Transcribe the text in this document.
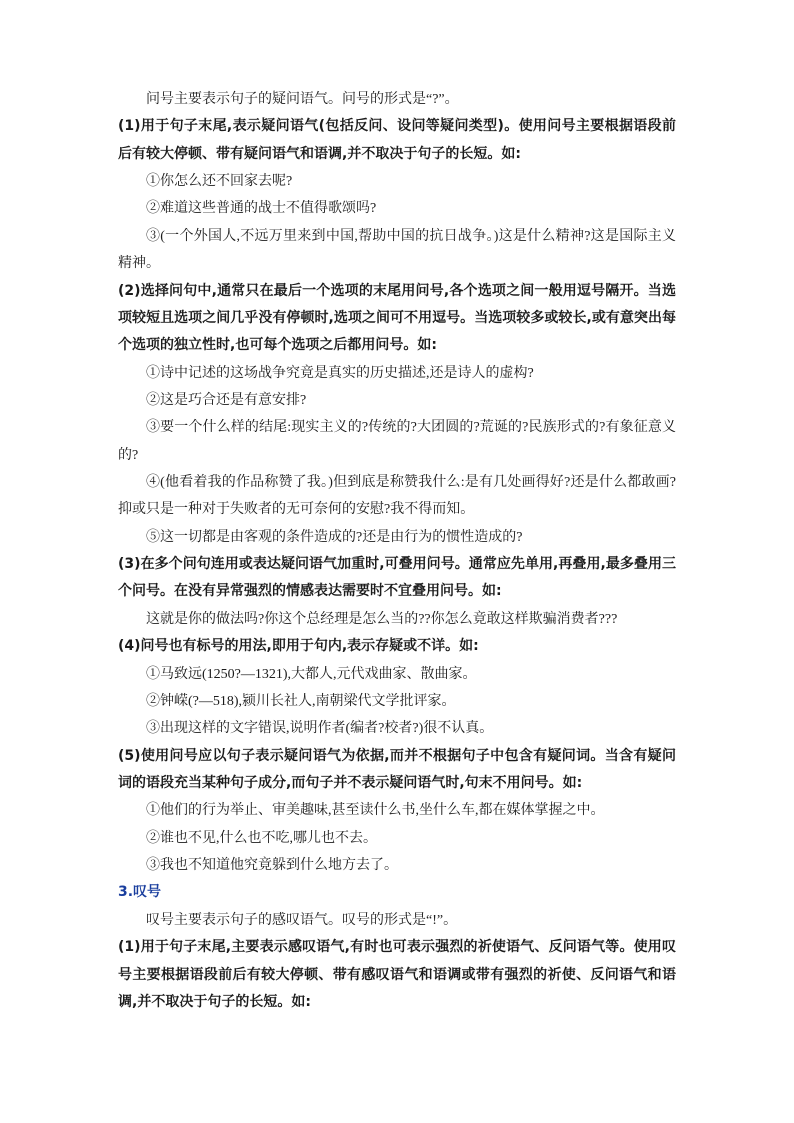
问号主要表示句子的疑问语气。问号的形式是“?”。

(1)用于句子末尾,表示疑问语气(包括反问、设问等疑问类型)。使用问号主要根据语段前后有较大停顿、带有疑问语气和语调,并不取决于句子的长短。如:

①你怎么还不回家去呢?

②难道这些普通的战士不值得歌颂吗?

③(一个外国人,不远万里来到中国,帮助中国的抗日战争。)这是什么精神?这是国际主义精神。

(2)选择问句中,通常只在最后一个选项的末尾用问号,各个选项之间一般用逗号隔开。当选项较短且选项之间几乎没有停顿时,选项之间可不用逗号。当选项较多或较长,或有意突出每个选项的独立性时,也可每个选项之后都用问号。如:

①诗中记述的这场战争究竟是真实的历史描述,还是诗人的虚构?

②这是巧合还是有意安排?

③要一个什么样的结尾:现实主义的?传统的?大团圆的?荒诞的?民族形式的?有象征意义的?

④(他看着我的作品称赞了我。)但到底是称赞我什么:是有几处画得好?还是什么都敢画?抑或只是一种对于失败者的无可奈何的安慰?我不得而知。

⑤这一切都是由客观的条件造成的?还是由行为的惯性造成的?

(3)在多个问句连用或表达疑问语气加重时,可叠用问号。通常应先单用,再叠用,最多叠用三个问号。在没有异常强烈的情感表达需要时不宜叠用问号。如:

这就是你的做法吗?你这个总经理是怎么当的??你怎么竟敢这样欺骗消费者???

(4)问号也有标号的用法,即用于句内,表示存疑或不详。如:

①马致远(1250?—1321),大都人,元代戏曲家、散曲家。

②钟嵘(?—518),颍川长社人,南朝梁代文学批评家。

③出现这样的文字错误,说明作者(编者?校者?)很不认真。

(5)使用问号应以句子表示疑问语气为依据,而并不根据句子中包含有疑问词。当含有疑问词的语段充当某种句子成分,而句子并不表示疑问语气时,句末不用问号。如:

①他们的行为举止、审美趣味,甚至读什么书,坐什么车,都在媒体掌握之中。

②谁也不见,什么也不吃,哪儿也不去。

③我也不知道他究竟躲到什么地方去了。

3.叹号

叹号主要表示句子的感叹语气。叹号的形式是“!”。

(1)用于句子末尾,主要表示感叹语气,有时也可表示强烈的祈使语气、反问语气等。使用叹号主要根据语段前后有较大停顿、带有感叹语气和语调或带有强烈的祈使、反问语气和语调,并不取决于句子的长短。如:
